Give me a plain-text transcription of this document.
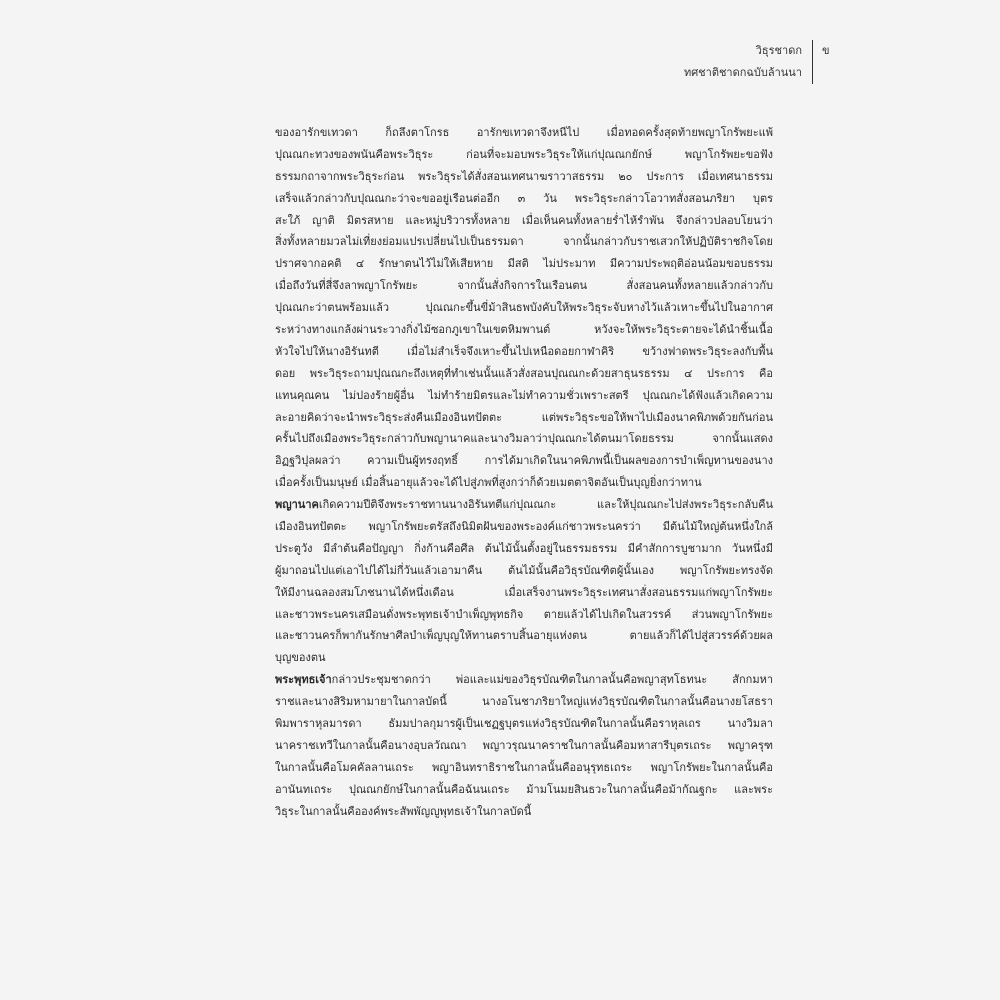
วิธุรชาดก
ทศชาติชาดกฉบับล้านนา
ข
ของอารักขเทวดา ก็ถลึงตาโกรธ อารักขเทวดาจึงหนีไป เมื่อทอดครั้งสุดท้ายพญาโกรัพยะแพ้
ปุณณกะทวงของพนันคือพระวิธุระ ก่อนที่จะมอบพระวิธุระให้แก่ปุณณกยักษ์ พญาโกรัพยะขอฟัง
ธรรมกถาจากพระวิธุระก่อน พระวิธุระได้สั่งสอนเทศนาฆราวาสธรรม ๒๐ ประการ เมื่อเทศนาธรรม
เสร็จแล้วกล่าวกับปุณณกะว่าจะขออยู่เรือนต่ออีก ๓ วัน พระวิธุระกล่าวโอวาทสั่งสอนภริยา บุตร
สะใภ้ ญาติ มิตรสหาย และหมู่บริวารทั้งหลาย เมื่อเห็นคนทั้งหลายร่ำไห้รำพัน จึงกล่าวปลอบโยนว่า
สิ่งทั้งหลายมวลไม่เที่ยงย่อมแปรเปลี่ยนไปเป็นธรรมดา จากนั้นกล่าวกับราชเสวกให้ปฏิบัติราชกิจโดย
ปราศจากอคติ ๔ รักษาตนไว้ไม่ให้เสียหาย มีสติ ไม่ประมาท มีความประพฤติอ่อนน้อมขอบธรรม
เมื่อถึงวันที่สี่จึงลาพญาโกรัพยะ จากนั้นสั่งกิจการในเรือนตน สั่งสอนคนทั้งหลายแล้วกล่าวกับ
ปุณณกะว่าตนพร้อมแล้ว ปุณณกะขึ้นขี่ม้าสินธพบังคับให้พระวิธุระจับหางไว้แล้วเหาะขึ้นไปในอากาศ
ระหว่างทางแกล้งผ่านระวางกิ่งไม้ซอกภูเขาในเขตหิมพานต์ หวังจะให้พระวิธุระตายจะได้นำชิ้นเนื้อ
หัวใจไปให้นางอิรันทตี เมื่อไม่สำเร็จจึงเหาะขึ้นไปเหนือดอยกาฬาคิริ ขว้างฟาดพระวิธุระลงกับพื้น
ดอย พระวิธุระถามปุณณกะถึงเหตุที่ทำเช่นนั้นแล้วสั่งสอนปุณณกะด้วยสาธุนรธรรม ๔ ประการ คือ
แทนคุณคน ไม่ปองร้ายผู้อื่น ไม่ทำร้ายมิตรและไม่ทำความชั่วเพราะสตรี ปุณณกะได้ฟังแล้วเกิดความ
ละอายคิดว่าจะนำพระวิธุระส่งคืนเมืองอินทปัตตะ แต่พระวิธุระขอให้พาไปเมืองนาคพิภพด้วยกันก่อน
ครั้นไปถึงเมืองพระวิธุระกล่าวกับพญานาคและนางวิมลาว่าปุณณกะได้ตนมาโดยธรรม จากนั้นแสดง
อิฏฐวิปุลผลว่า ความเป็นผู้ทรงฤทธิ์ การได้มาเกิดในนาคพิภพนี้เป็นผลของการบำเพ็ญทานของนาง
เมื่อครั้งเป็นมนุษย์ เมื่อสิ้นอายุแล้วจะได้ไปสู่ภพที่สูงกว่าก็ด้วยเมตตาจิตอันเป็นบุญยิ่งกว่าทาน
พญานาคเกิดความปีติจึงพระราชทานนางอิรันทตีแก่ปุณณกะ และให้ปุณณกะไปส่งพระวิธุระกลับคืน
เมืองอินทปัตตะ พญาโกรัพยะตรัสถึงนิมิตฝันของพระองค์แก่ชาวพระนครว่า มีต้นไม้ใหญ่ต้นหนึ่งใกล้
ประตูวัง มีลำต้นคือปัญญา กิ่งก้านคือศีล ต้นไม้นั้นตั้งอยู่ในธรรมธรรม มีคำสักการบูชามาก วันหนึ่งมี
ผู้มาถอนไปแต่เอาไปได้ไม่กี่วันแล้วเอามาคืน ต้นไม้นั้นคือวิธุรบัณฑิตผู้นั้นเอง พญาโกรัพยะทรงจัด
ให้มีงานฉลองสมโภชนานได้หนึ่งเดือน เมื่อเสร็จงานพระวิธุระเทศนาสั่งสอนธรรมแก่พญาโกรัพยะ
และชาวพระนครเสมือนดั่งพระพุทธเจ้าบำเพ็ญพุทธกิจ ตายแล้วได้ไปเกิดในสวรรค์ ส่วนพญาโกรัพยะ
และชาวนครก็พากันรักษาศีลบำเพ็ญบุญให้ทานตราบสิ้นอายุแห่งตน ตายแล้วก็ได้ไปสู่สวรรค์ด้วยผล
บุญของตน
พระพุทธเจ้ากล่าวประชุมชาดกว่า พ่อและแม่ของวิธุรบัณฑิตในกาลนั้นคือพญาสุทโธทนะ สักกมหา
ราชและนางสิริมหามายาในกาลบัดนี้ นางอโนชาภริยาใหญ่แห่งวิธุรบัณฑิตในกาลนั้นคือนางยโสธรา
พิมพาราหุลมารดา ธัมมปาลกุมารผู้เป็นเชฏฐบุตรแห่งวิธุรบัณฑิตในกาลนั้นคือราหุลเถร นางวิมลา
นาคราชเทวีในกาลนั้นคือนางอุบลวัณณา พญาวรุณนาคราชในกาลนั้นคือมหาสารีบุตรเถระ พญาครุฑ
ในกาลนั้นคือโมคคัลลานเถระ พญาอินทราธิราชในกาลนั้นคืออนุรุทธเถระ พญาโกรัพยะในกาลนั้นคือ
อานันทเถระ ปุณณกยักษ์ในกาลนั้นคือฉันนเถระ ม้ามโนมยสินธวะในกาลนั้นคือม้ากัณฐกะ และพระ
วิธุระในกาลนั้นคือองค์พระสัพพัญญูพุทธเจ้าในกาลบัดนี้
